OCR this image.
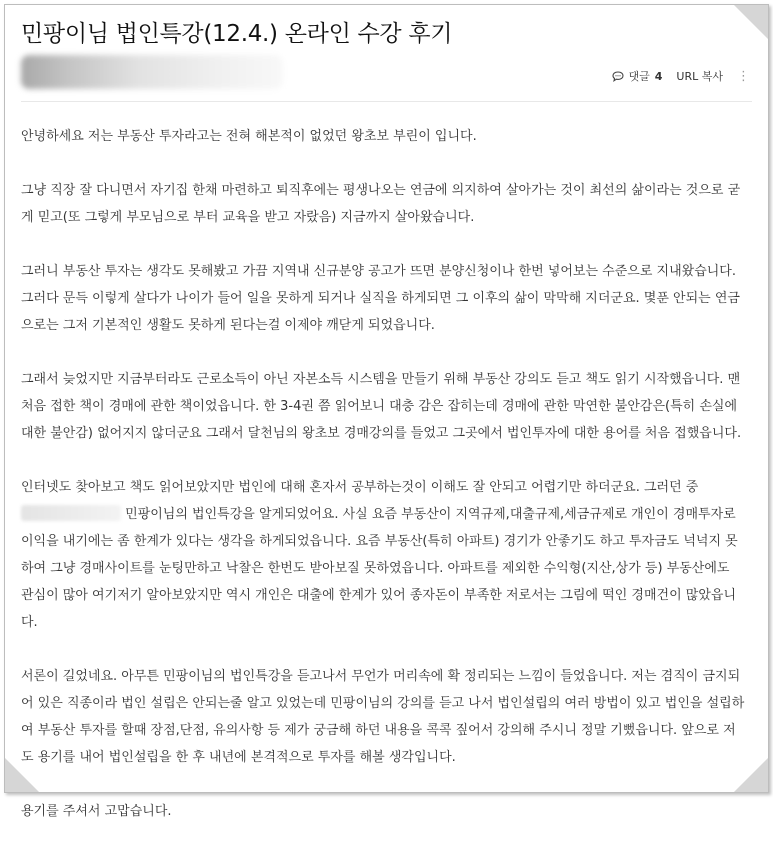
민팡이님 법인특강(12.4.) 온라인 수강 후기
댓글 4 URL 복사 ⋮

안녕하세요 저는 부동산 투자라고는 전혀 해본적이 없었던 왕초보 부린이 입니다.

그냥 직장 잘 다니면서 자기집 한채 마련하고 퇴직후에는 평생나오는 연금에 의지하여 살아가는 것이 최선의 삶이라는 것으로 굳게 믿고(또 그렇게 부모님으로 부터 교육을 받고 자랐음) 지금까지 살아왔습니다.

그러니 부동산 투자는 생각도 못해봤고 가끔 지역내 신규분양 공고가 뜨면 분양신청이나 한번 넣어보는 수준으로 지내왔습니다. 그러다 문득 이렇게 살다가 나이가 들어 일을 못하게 되거나 실직을 하게되면 그 이후의 삶이 막막해 지더군요. 몇푼 안되는 연금으로는 그저 기본적인 생활도 못하게 된다는걸 이제야 깨닫게 되었읍니다.

그래서 늦었지만 지금부터라도 근로소득이 아닌 자본소득 시스템을 만들기 위해 부동산 강의도 듣고 책도 읽기 시작했읍니다. 맨처음 접한 책이 경매에 관한 책이었읍니다. 한 3-4권 쯤 읽어보니 대충 감은 잡히는데 경매에 관한 막연한 불안감은(특히 손실에 대한 불안감) 없어지지 않더군요 그래서 달천님의 왕초보 경매강의를 들었고 그곳에서 법인투자에 대한 용어를 처음 접했읍니다.

인터넷도 찾아보고 책도 읽어보았지만 법인에 대해 혼자서 공부하는것이 이해도 잘 안되고 어렵기만 하더군요. 그러던 중  민팡이님의 법인특강을 알게되었어요. 사실 요즘 부동산이 지역규제,대출규제,세금규제로 개인이 경매투자로 이익을 내기에는 좀 한계가 있다는 생각을 하게되었읍니다. 요즘 부동산(특히 아파트) 경기가 안좋기도 하고 투자금도 넉넉지 못하여 그냥 경매사이트를 눈팅만하고 낙찰은 한번도 받아보질 못하였읍니다. 아파트를 제외한 수익형(지산,상가 등) 부동산에도 관심이 많아 여기저기 알아보았지만 역시 개인은 대출에 한계가 있어 종자돈이 부족한 저로서는 그림에 떡인 경매건이 많았읍니다.

서론이 길었네요. 아무튼 민팡이님의 법인특강을 듣고나서 무언가 머리속에 확 정리되는 느낌이 들었읍니다. 저는 겸직이 금지되어 있은 직종이라 법인 설립은 안되는줄 알고 있었는데 민팡이님의 강의를 듣고 나서 법인설립의 여러 방법이 있고 법인을 설립하여 부동산 투자를 할때 장점,단점, 유의사항 등 제가 궁금해 하던 내용을 콕콕 짚어서 강의해 주시니 정말 기뻤읍니다. 앞으로 저도 용기를 내어 법인설립을 한 후 내년에 본격적으로 투자를 해볼 생각입니다.

용기를 주셔서 고맙습니다.
